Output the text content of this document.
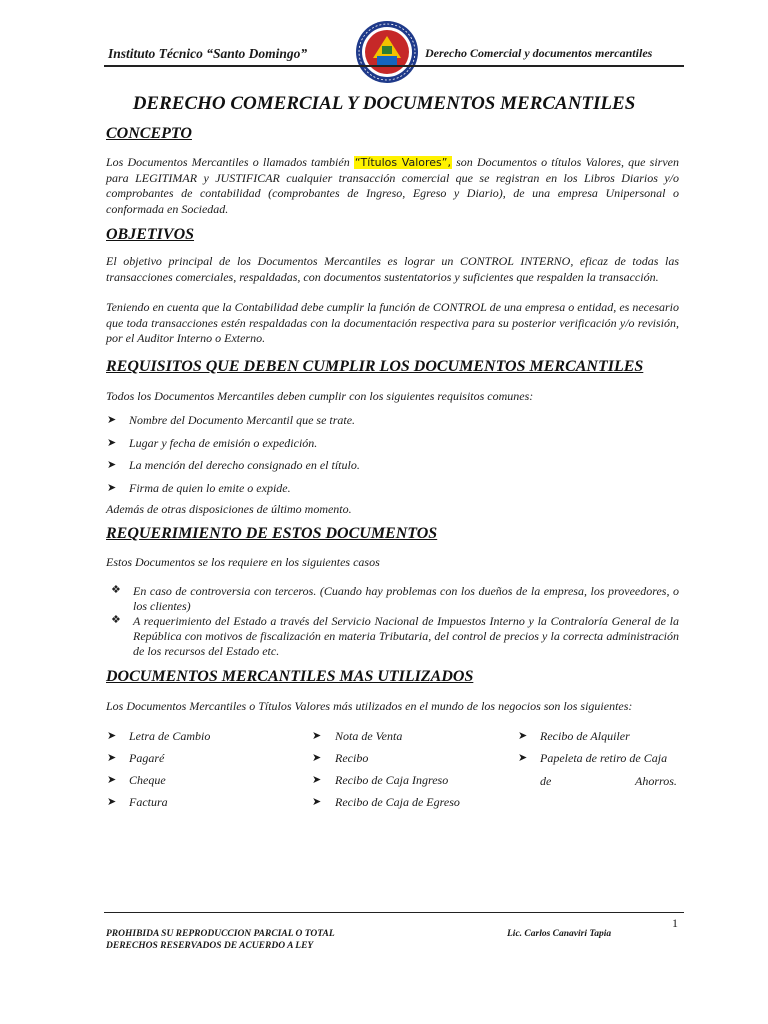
Instituto Técnico “Santo Domingo”	Derecho Comercial y documentos mercantiles
DERECHO COMERCIAL Y DOCUMENTOS MERCANTILES
CONCEPTO
Los Documentos Mercantiles o llamados también “Títulos Valores”, son Documentos o títulos Valores, que sirven para LEGITIMAR y JUSTIFICAR cualquier transacción comercial que se registran en los Libros Diarios y/o comprobantes de contabilidad (comprobantes de Ingreso, Egreso y Diario), de una empresa Unipersonal o conformada en Sociedad.
OBJETIVOS
El objetivo principal de los Documentos Mercantiles es lograr un CONTROL INTERNO, eficaz de todas las transacciones comerciales, respaldadas, con documentos sustentatorios y suficientes que respalden la transacción.
Teniendo en cuenta que la Contabilidad debe cumplir la función de CONTROL de una empresa o entidad, es necesario que toda transacciones estén respaldadas con la documentación respectiva para su posterior verificación y/o revisión, por el Auditor Interno o Externo.
REQUISITOS QUE DEBEN CUMPLIR LOS DOCUMENTOS MERCANTILES
Todos los Documentos Mercantiles deben cumplir con los siguientes requisitos comunes:
➤ Nombre del Documento Mercantil que se trate.
➤ Lugar y fecha de emisión o expedición.
➤ La mención del derecho consignado en el título.
➤ Firma de quien lo emite o expide.
Además de otras disposiciones de último momento.
REQUERIMIENTO DE ESTOS DOCUMENTOS
Estos Documentos se los requiere en los siguientes casos
❖ En caso de controversia con terceros. (Cuando hay problemas con los dueños de la empresa, los proveedores, o los clientes)
❖ A requerimiento del Estado a través del Servicio Nacional de Impuestos Interno y la Contraloría General de la República con motivos de fiscalización en materia Tributaria, del control de precios y la correcta administración de los recursos del Estado etc.
DOCUMENTOS MERCANTILES MAS UTILIZADOS
Los Documentos Mercantiles o Títulos Valores más utilizados en el mundo de los negocios son los siguientes:
➤ Letra de Cambio
➤ Pagaré
➤ Cheque
➤ Factura
➤ Nota de Venta
➤ Recibo
➤ Recibo de Caja Ingreso
➤ Recibo de Caja de Egreso
➤ Recibo de Alquiler
➤ Papeleta de retiro de Caja
de	Ahorros.
1
PROHIBIDA SU REPRODUCCION PARCIAL O TOTAL
DERECHOS RESERVADOS DE ACUERDO A LEY
Lic. Carlos Canaviri Tapia
